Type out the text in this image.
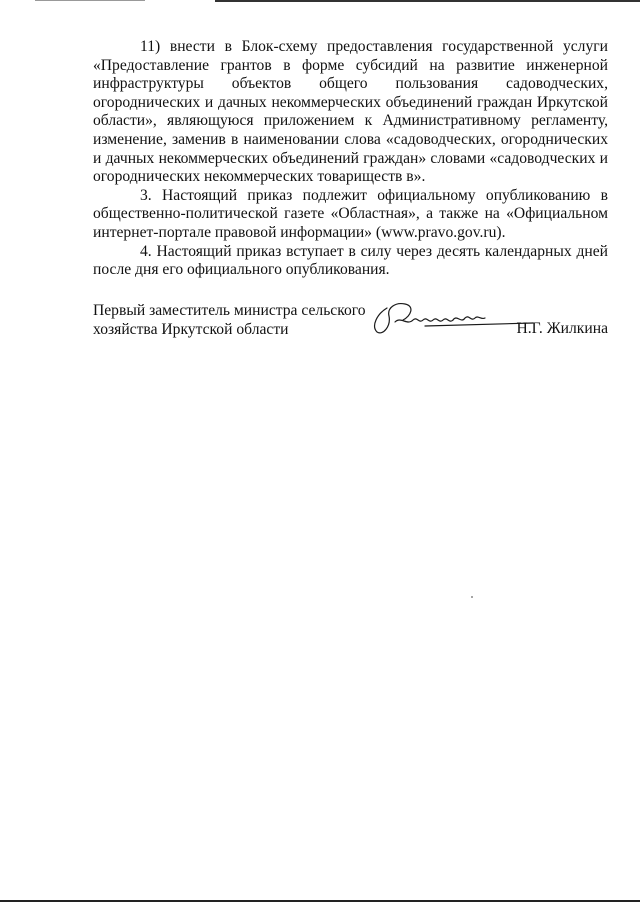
11) внести в Блок-схему предоставления государственной услуги «Предоставление грантов в форме субсидий на развитие инженерной инфраструктуры объектов общего пользования садоводческих, огороднических и дачных некоммерческих объединений граждан Иркутской области», являющуюся приложением к Административному регламенту, изменение, заменив в наименовании слова «садоводческих, огороднических и дачных некоммерческих объединений граждан» словами «садоводческих и огороднических некоммерческих товариществ в».

3. Настоящий приказ подлежит официальному опубликованию в общественно-политической газете «Областная», а также на «Официальном интернет-портале правовой информации» (www.pravo.gov.ru).

4. Настоящий приказ вступает в силу через десять календарных дней после дня его официального опубликования.

Первый заместитель министра сельского хозяйства Иркутской области	Н.Г. Жилкина
